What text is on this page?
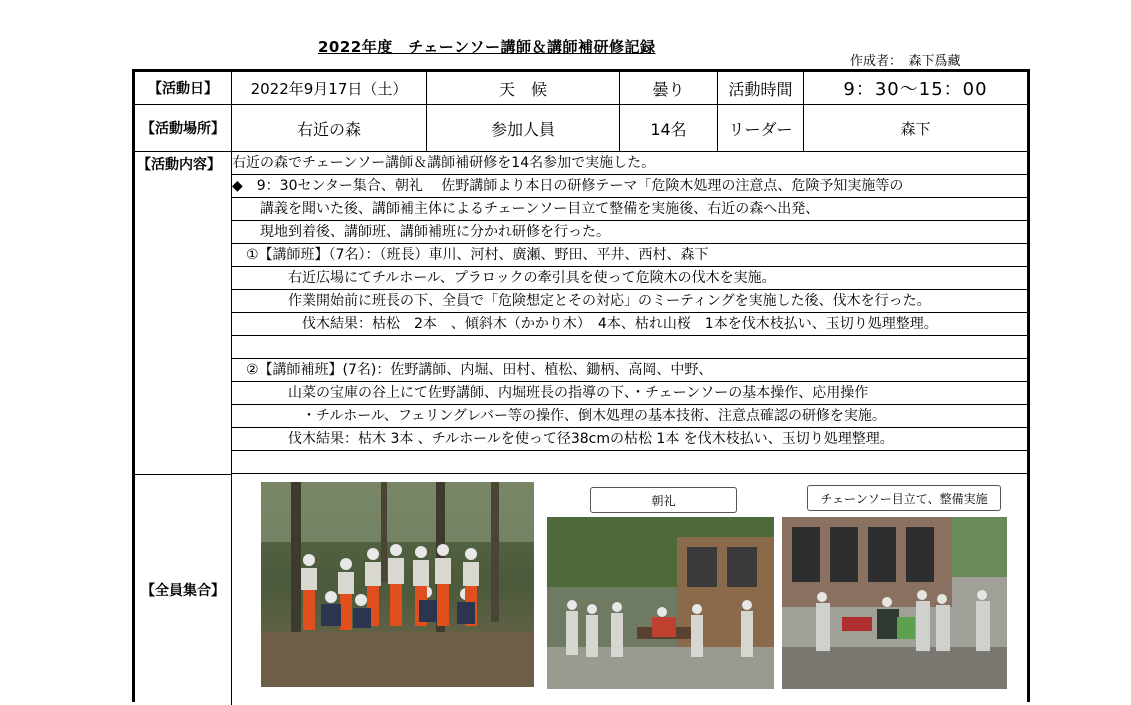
2022年度　チェーンソー講師＆講師補研修記録
作成者：　森下爲藏
【活動日】	2022年9月17日（土）	天　候	曇り	活動時間	9：30～15：00
【活動場所】	右近の森	参加人員	14名	リーダー	森下
【活動内容】 右近の森でチェーンソー講師＆講師補研修を14名参加で実施した。
◆　9：30センター集合、朝礼　 佐野講師より本日の研修テーマ「危険木処理の注意点、危険予知実施等の
　　講義を聞いた後、講師補主体によるチェーンソー目立て整備を実施後、右近の森へ出発、
　　現地到着後、講師班、講師補班に分かれ研修を行った。
　①【講師班】（7名）：（班長）車川、河村、廣瀬、野田、平井、西村、森下
　　　　右近広場にてチルホール、プラロックの牽引具を使って危険木の伐木を実施。
　　　　作業開始前に班長の下、全員で「危険想定とその対応」のミーティングを実施した後、伐木を行った。
　　　　　伐木結果：枯松　2本　、傾斜木（かかり木）　4本、枯れ山桜　1本を伐木枝払い、玉切り処理整理。
　②【講師補班】(7名)：佐野講師、内堀、田村、植松、鋤柄、高岡、中野、
　　　　山菜の宝庫の谷上にて佐野講師、内堀班長の指導の下、・チェーンソーの基本操作、応用操作
　　　　　・チルホール、フェリングレバー等の操作、倒木処理の基本技術、注意点確認の研修を実施。
　　　　伐木結果：枯木 3本 、チルホールを使って径38cmの枯松 1本 を伐木枝払い、玉切り処理整理。
【全員集合】
朝礼	チェーンソー目立て、整備実施
